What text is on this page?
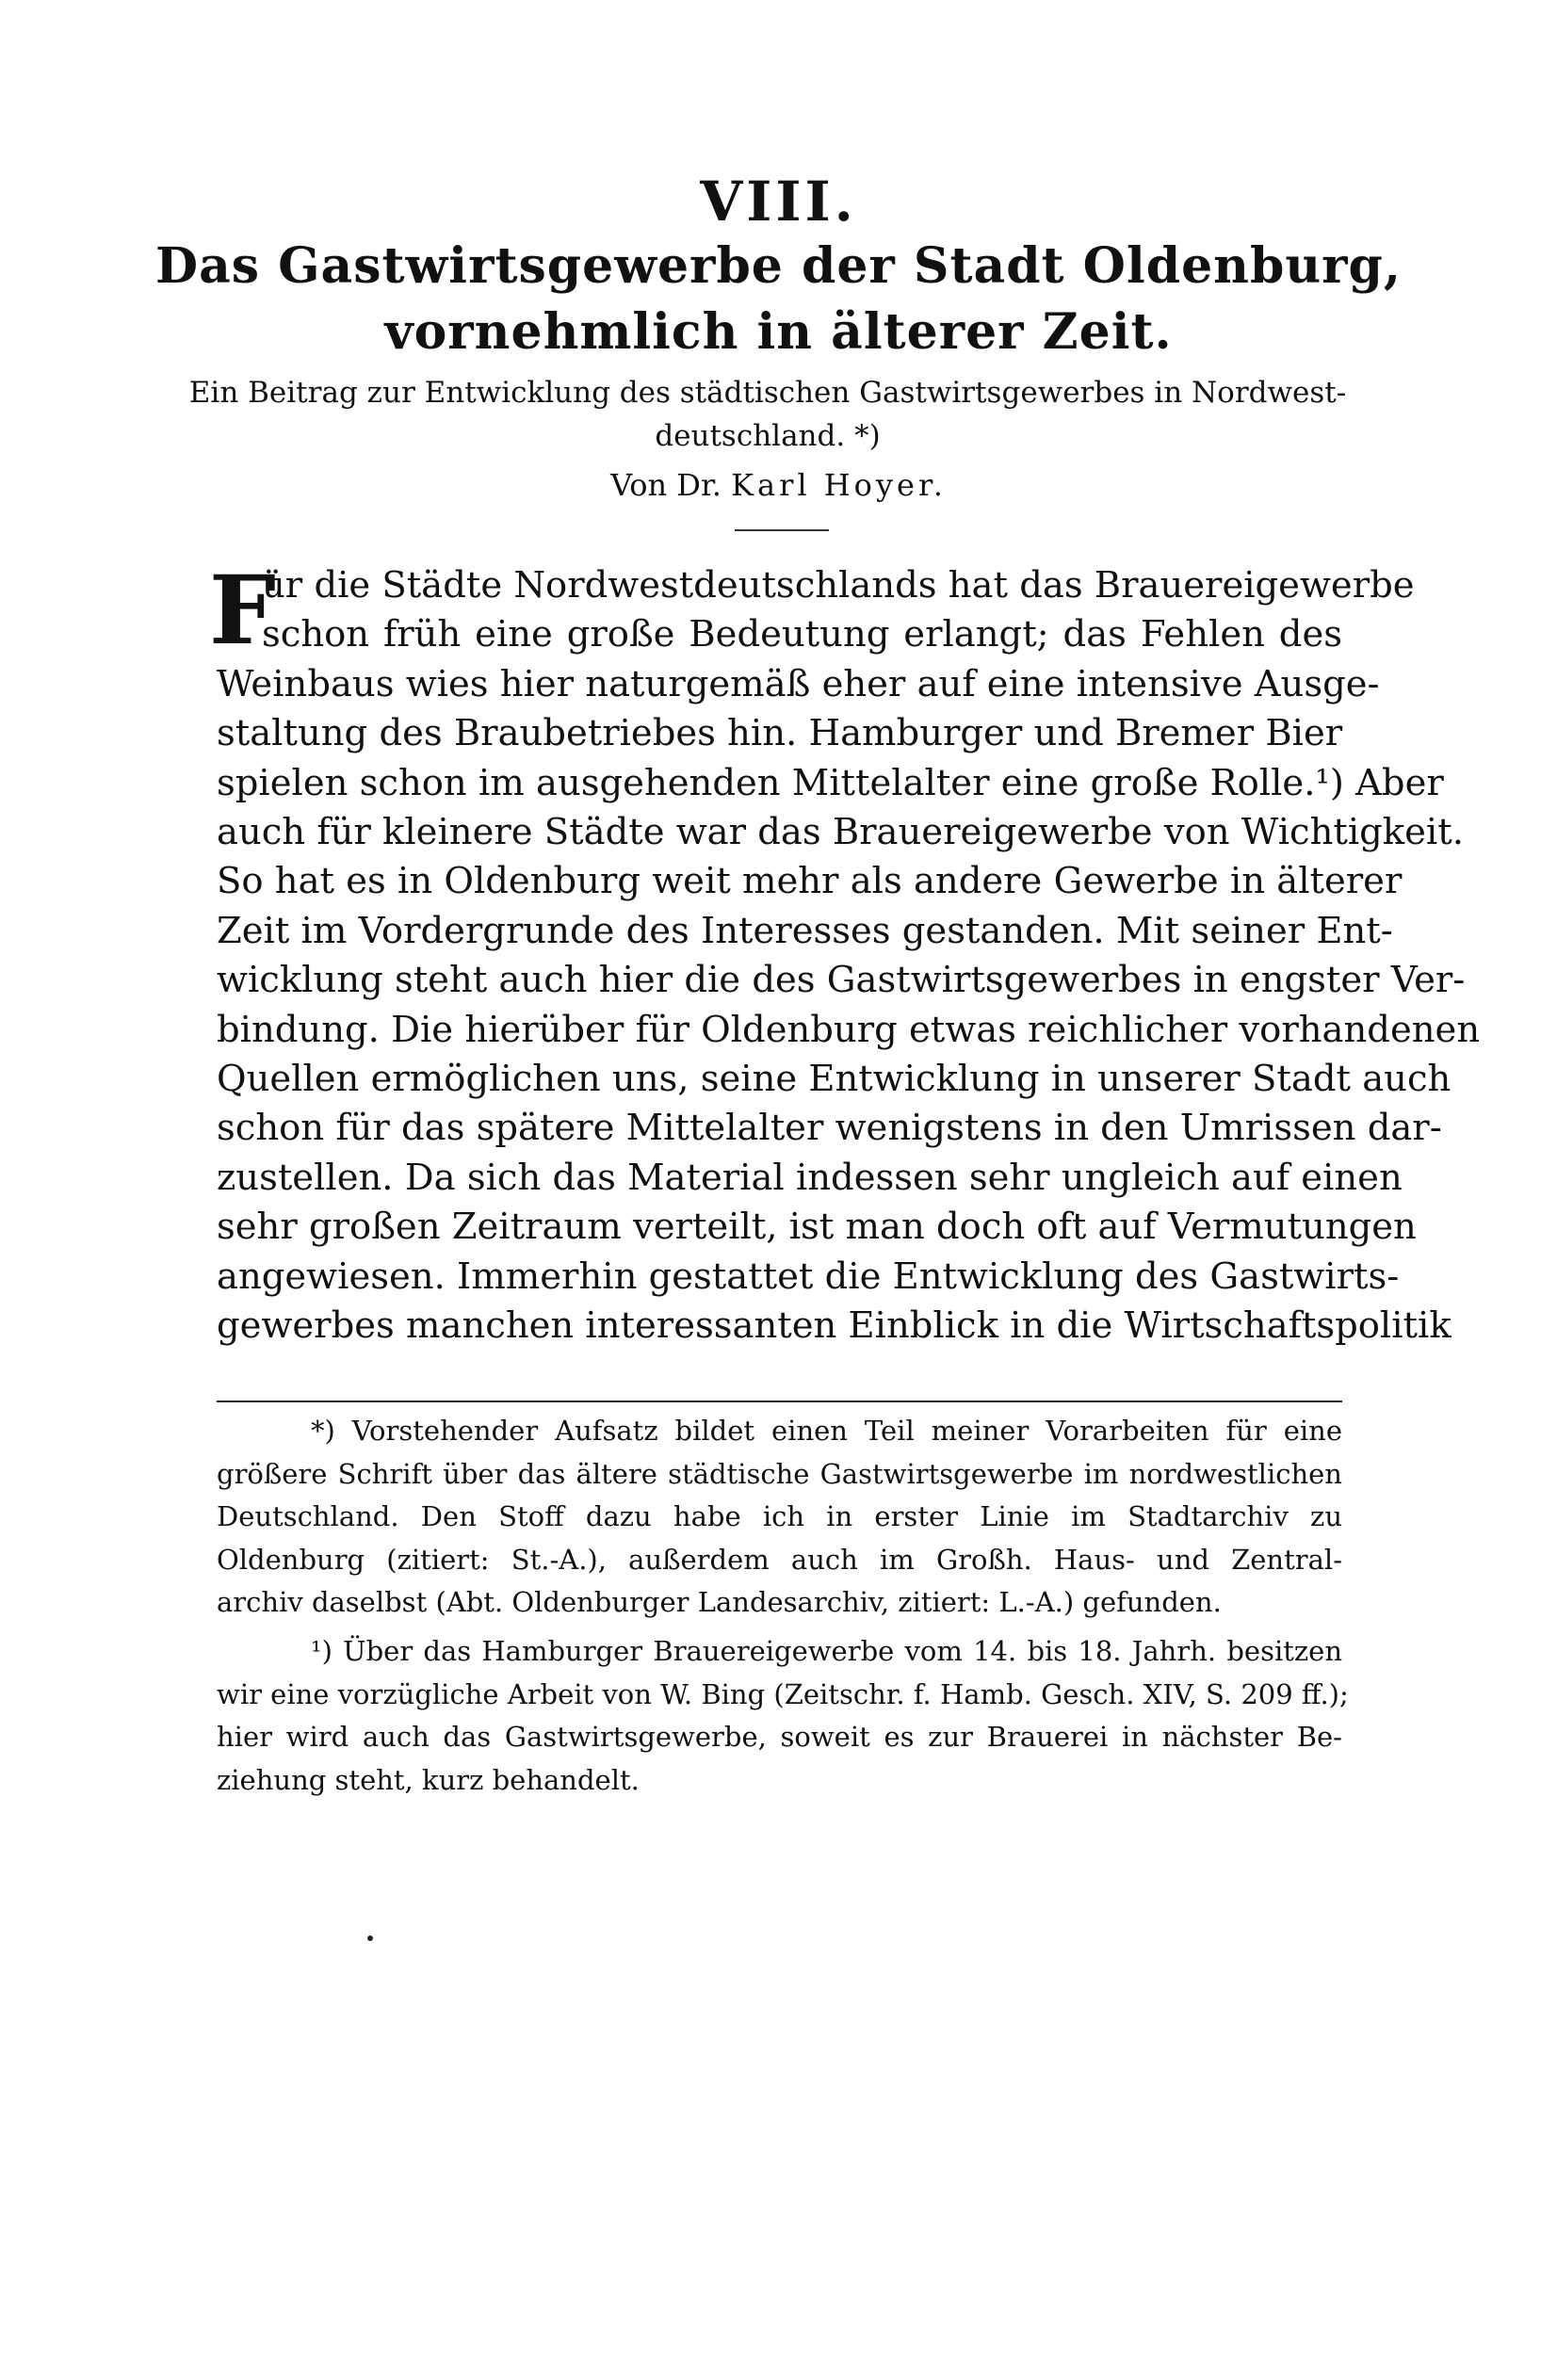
VIII.
Das Gastwirtsgewerbe der Stadt Oldenburg,
vornehmlich in älterer Zeit.
Ein Beitrag zur Entwicklung des städtischen Gastwirtsgewerbes in Nordwest-deutschland. *)
Von Dr. Karl Hoyer.
F
ür die Städte Nordwestdeutschlands hat das Brauereigewerbe
schon früh eine große Bedeutung erlangt; das Fehlen des
Weinbaus wies hier naturgemäß eher auf eine intensive Ausge-
staltung des Braubetriebes hin. Hamburger und Bremer Bier
spielen schon im ausgehenden Mittelalter eine große Rolle.¹) Aber
auch für kleinere Städte war das Brauereigewerbe von Wichtigkeit.
So hat es in Oldenburg weit mehr als andere Gewerbe in älterer
Zeit im Vordergrunde des Interesses gestanden. Mit seiner Ent-
wicklung steht auch hier die des Gastwirtsgewerbes in engster Ver-
bindung. Die hierüber für Oldenburg etwas reichlicher vorhandenen
Quellen ermöglichen uns, seine Entwicklung in unserer Stadt auch
schon für das spätere Mittelalter wenigstens in den Umrissen dar-
zustellen. Da sich das Material indessen sehr ungleich auf einen
sehr großen Zeitraum verteilt, ist man doch oft auf Vermutungen
angewiesen. Immerhin gestattet die Entwicklung des Gastwirts-
gewerbes manchen interessanten Einblick in die Wirtschaftspolitik
*) Vorstehender Aufsatz bildet einen Teil meiner Vorarbeiten für eine
größere Schrift über das ältere städtische Gastwirtsgewerbe im nordwestlichen
Deutschland. Den Stoff dazu habe ich in erster Linie im Stadtarchiv zu
Oldenburg (zitiert: St.-A.), außerdem auch im Großh. Haus- und Zentral-
archiv daselbst (Abt. Oldenburger Landesarchiv, zitiert: L.-A.) gefunden.
¹) Über das Hamburger Brauereigewerbe vom 14. bis 18. Jahrh. besitzen
wir eine vorzügliche Arbeit von W. Bing (Zeitschr. f. Hamb. Gesch. XIV, S. 209 ff.);
hier wird auch das Gastwirtsgewerbe, soweit es zur Brauerei in nächster Be-
ziehung steht, kurz behandelt.
